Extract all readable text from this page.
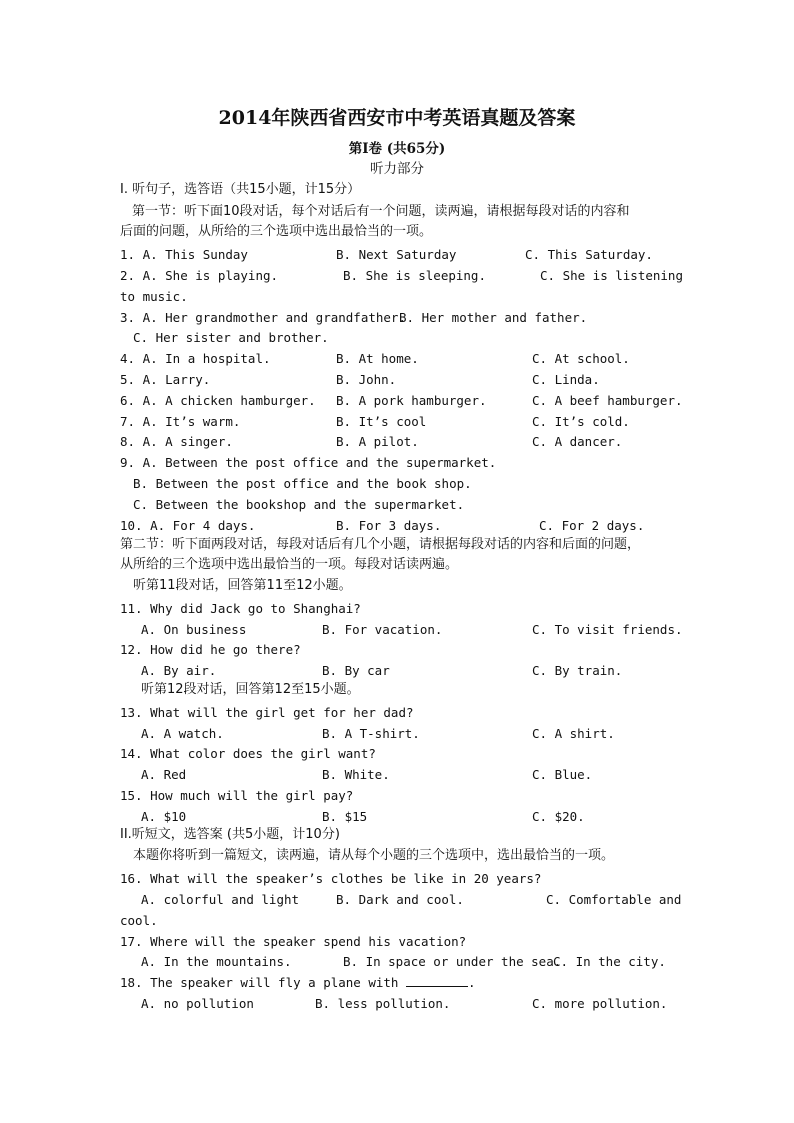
2014年陕西省西安市中考英语真题及答案
第I卷 (共65分)
听力部分
I. 听句子，选答语（共15小题，计15分）
第一节：听下面10段对话，每个对话后有一个问题，读两遍，请根据每段对话的内容和
后面的问题，从所给的三个选项中选出最恰当的一项。
1. A. This Sunday	B. Next Saturday	C. This Saturday.
2. A. She is playing.	B. She is sleeping.	C. She is listening
to music.
3. A. Her grandmother and grandfather.
B. Her mother and father.
C. Her sister and brother.
4. A. In a hospital.	B. At home.	C. At school.
5. A. Larry.	B. John.	C. Linda.
6. A. A chicken hamburger. B. A pork hamburger.	C. A beef hamburger.
7. A. It’s warm.	B. It’s cool	C. It’s cold.
8. A. A singer.	B. A pilot.	C. A dancer.
9. A. Between the post office and the supermarket.
B. Between the post office and the book shop.
C. Between the bookshop and the supermarket.
10. A. For 4 days.	B. For 3 days.	C. For 2 days.
第二节：听下面两段对话，每段对话后有几个小题，请根据每段对话的内容和后面的问题，
从所给的三个选项中选出最恰当的一项。每段对话读两遍。
听第11段对话，回答第11至12小题。
11. Why did Jack go to Shanghai?
A. On business	B. For vacation.	C. To visit friends.
12. How did he go there?
A. By air.	B. By car	C. By train.
听第12段对话，回答第12至15小题。
13. What will the girl get for her dad?
A. A watch.	B. A T-shirt.	C. A shirt.
14. What color does the girl want?
A. Red	B. White.	C. Blue.
15. How much will the girl pay?
A. $10	B. $15	C. $20.
II.听短文，选答案 (共5小题，计10分)
本题你将听到一篇短文，读两遍，请从每个小题的三个选项中，选出最恰当的一项。
16. What will the speaker’s clothes be like in 20 years?
A. colorful and light	B. Dark and cool.	C. Comfortable and
cool.
17. Where will the speaker spend his vacation?
A. In the mountains.	B. In space or under the sea.
C. In the city.
18. The speaker will fly a plane with	.
A. no pollution	B. less pollution.	C. more pollution.
